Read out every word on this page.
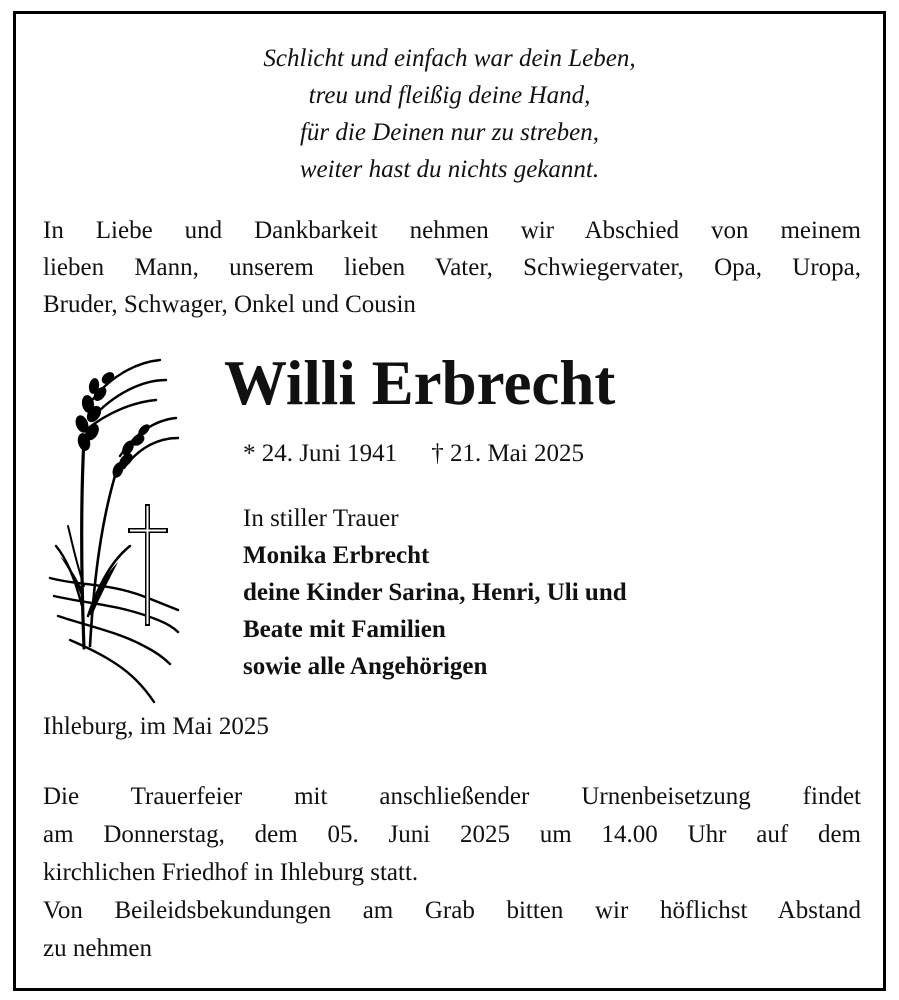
Schlicht und einfach war dein Leben,
treu und fleißig deine Hand,
für die Deinen nur zu streben,
weiter hast du nichts gekannt.
In Liebe und Dankbarkeit nehmen wir Abschied von meinem
lieben Mann, unserem lieben Vater, Schwiegervater, Opa, Uropa,
Bruder, Schwager, Onkel und Cousin
Willi Erbrecht
* 24. Juni 1941 † 21. Mai 2025
In stiller Trauer
Monika Erbrecht
deine Kinder Sarina, Henri, Uli und
Beate mit Familien
sowie alle Angehörigen
Ihleburg, im Mai 2025
Die Trauerfeier mit anschließender Urnenbeisetzung findet
am Donnerstag, dem 05. Juni 2025 um 14.00 Uhr auf dem
kirchlichen Friedhof in Ihleburg statt.
Von Beileidsbekundungen am Grab bitten wir höflichst Abstand
zu nehmen
